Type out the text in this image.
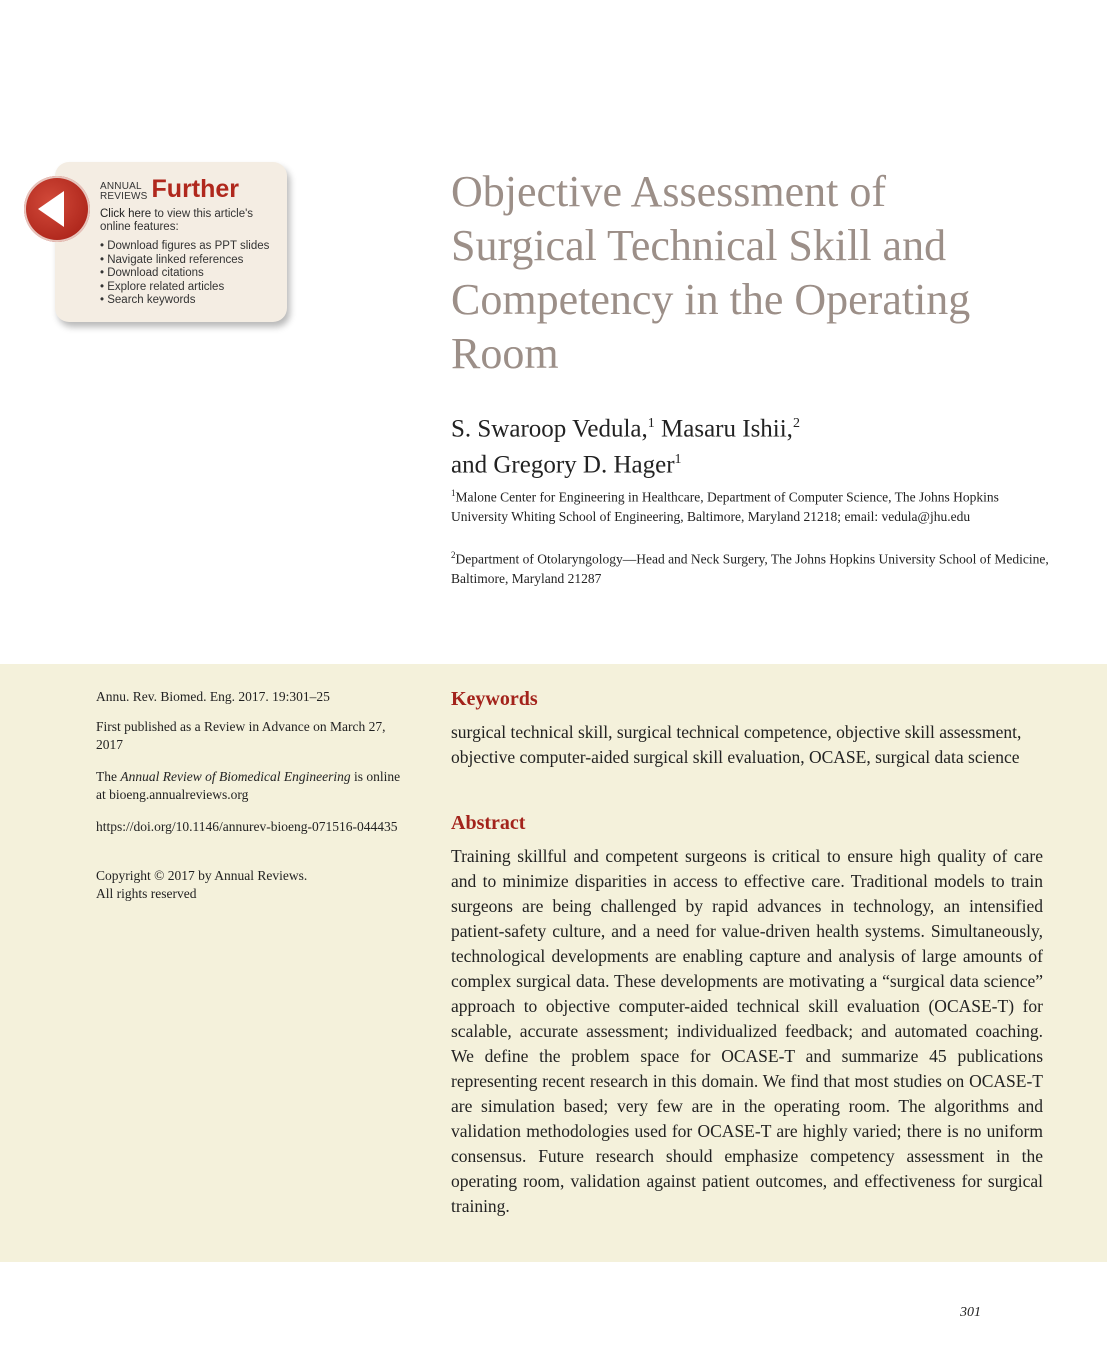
ANNUAL
REVIEWS Further
Click here to view this article's online features:
• Download figures as PPT slides
• Navigate linked references
• Download citations
• Explore related articles
• Search keywords
Objective Assessment of Surgical Technical Skill and Competency in the Operating Room
S. Swaroop Vedula,$^1$ Masaru Ishii,$^2$
and Gregory D. Hager$^1$
$^1$Malone Center for Engineering in Healthcare, Department of Computer Science, The Johns Hopkins University Whiting School of Engineering, Baltimore, Maryland 21218; email: vedula@jhu.edu
$^2$Department of Otolaryngology—Head and Neck Surgery, The Johns Hopkins University School of Medicine, Baltimore, Maryland 21287
Annu. Rev. Biomed. Eng. 2017. 19:301–25
First published as a Review in Advance on March 27, 2017
The Annual Review of Biomedical Engineering is online at bioeng.annualreviews.org
https://doi.org/10.1146/annurev-bioeng-071516-044435
Copyright © 2017 by Annual Reviews.
All rights reserved
Keywords
surgical technical skill, surgical technical competence, objective skill assessment, objective computer-aided surgical skill evaluation, OCASE, surgical data science
Abstract
Training skillful and competent surgeons is critical to ensure high quality of care and to minimize disparities in access to effective care. Traditional models to train surgeons are being challenged by rapid advances in technology, an intensified patient-safety culture, and a need for value-driven health systems. Simultaneously, technological developments are enabling capture and analysis of large amounts of complex surgical data. These developments are motivating a “surgical data science” approach to objective computer-aided technical skill evaluation (OCASE-T) for scalable, accurate assessment; individualized feedback; and automated coaching. We define the problem space for OCASE-T and summarize 45 publications representing recent research in this domain. We find that most studies on OCASE-T are simulation based; very few are in the operating room. The algorithms and validation methodologies used for OCASE-T are highly varied; there is no uniform consensus. Future research should emphasize competency assessment in the operating room, validation against patient outcomes, and effectiveness for surgical training.
301
